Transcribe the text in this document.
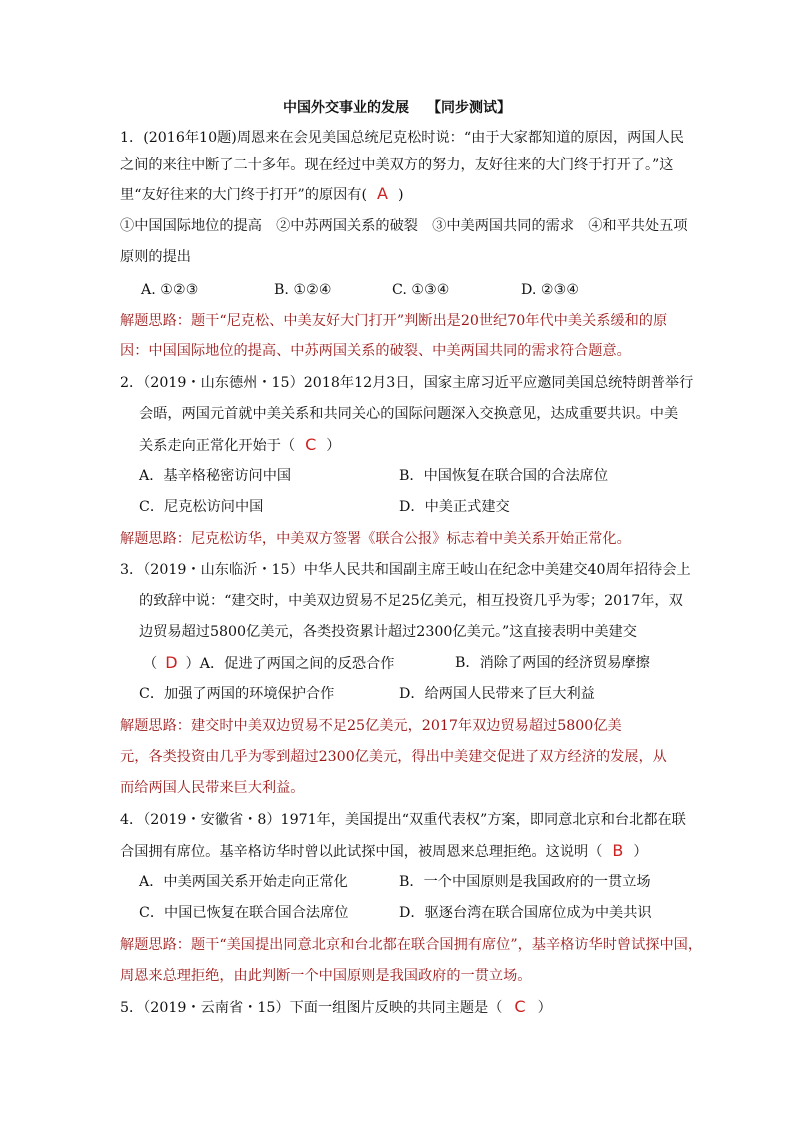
中国外交事业的发展 【同步测试】
1．(2016年10题)周恩来在会见美国总统尼克松时说：“由于大家都知道的原因，两国人民
之间的来往中断了二十多年。现在经过中美双方的努力，友好往来的大门终于打开了。”这
里“友好往来的大门终于打开”的原因有( A )
①中国国际地位的提高　②中苏两国关系的破裂　③中美两国共同的需求　④和平共处五项
原则的提出
A. ①②③	B. ①②④	C. ①③④	D. ②③④
解题思路：题干“尼克松、中美友好大门打开”判断出是20世纪70年代中美关系缓和的原
因：中国国际地位的提高、中苏两国关系的破裂、中美两国共同的需求符合题意。
2．（2019・山东德州・15）2018年12月3日，国家主席习近平应邀同美国总统特朗普举行
会晤，两国元首就中美关系和共同关心的国际问题深入交换意见，达成重要共识。中美
关系走向正常化开始于（ C ）
A．基辛格秘密访问中国	B．中国恢复在联合国的合法席位
C．尼克松访问中国	D．中美正式建交
解题思路：尼克松访华，中美双方签署《联合公报》标志着中美关系开始正常化。
3．（2019・山东临沂・15）中华人民共和国副主席王岐山在纪念中美建交40周年招待会上
的致辞中说：“建交时，中美双边贸易不足25亿美元，相互投资几乎为零；2017年，双
边贸易超过5800亿美元，各类投资累计超过2300亿美元。”这直接表明中美建交
（ D ）A．促进了两国之间的反恐合作	B．消除了两国的经济贸易摩擦
C．加强了两国的环境保护合作	D．给两国人民带来了巨大利益
解题思路：建交时中美双边贸易不足25亿美元，2017年双边贸易超过5800亿美
元，各类投资由几乎为零到超过2300亿美元，得出中美建交促进了双方经济的发展，从
而给两国人民带来巨大利益。
4．（2019・安徽省・8）1971年，美国提出“双重代表权”方案，即同意北京和台北都在联
合国拥有席位。基辛格访华时曾以此试探中国，被周恩来总理拒绝。这说明（ B ）
A．中美两国关系开始走向正常化	B．一个中国原则是我国政府的一贯立场
C．中国已恢复在联合国合法席位	D．驱逐台湾在联合国席位成为中美共识
解题思路：题干“美国提出同意北京和台北都在联合国拥有席位”，基辛格访华时曾试探中国，
周恩来总理拒绝，由此判断一个中国原则是我国政府的一贯立场。
5．（2019・云南省・15）下面一组图片反映的共同主题是（ C ）
